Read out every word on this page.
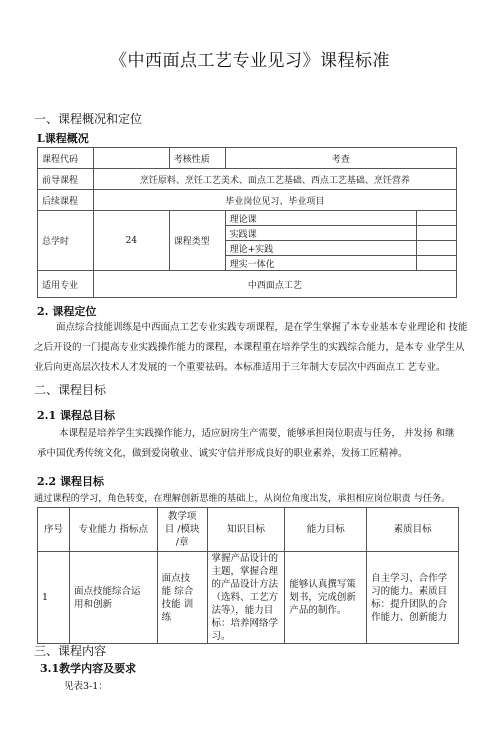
《中西面点工艺专业见习》课程标准
一、课程概况和定位
L课程概况
课程代码		考核性质	考查	
前导课程	烹饪原料、烹饪工艺美术、面点工艺基础、西点工艺基础、烹饪营养			
后续课程	毕业岗位见习、毕业项目			
总学时	24	课程类型	理论课	
			实践课	
			理论+实践	
			理实一体化	
适用专业	中西面点工艺			
2. 课程定位
面点综合技能训练是中西面点工艺专业实践专项课程，是在学生掌握了本专业基本专业理论和 技能
之后开设的一门提高专业实践操作能力的课程，本课程重在培养学生的实践综合能力，是本专 业学生从
业后向更高层次技术人才发展的一个重要祛码。本标准适用于三年制大专层次中西面点工 艺专业。
二、课程目标
2.1 课程总目标
本课程是培养学生实践操作能力，适应厨房生产需要，能够承担岗位职责与任务， 并发扬 和继
承中国优秀传统文化，做到爱岗敬业、诚实守信并形成良好的职业素养，发扬工匠精神。
2.2 课程目标
通过课程的学习，角色转变，在理解创新思维的基础上，从岗位角度出发，承担相应岗位职责 与任务。
序号	专业能力 指标点	教学项 目 /模块 /章	知识目标	能力目标	素质目标
1	面点技能综合运 用和创新	面点技 能 综合 技能 训 练	掌握产品设计的主题，掌握合理的产品设计方法（选料、工艺方法等），能力目标：培养网络学习。	能够认真撰写策划书，完成创新产品的制作。	自主学习、合作学习的能力。素质目标：提升团队的合作能力、创新能力
三、课程内容
3.1教学内容及要求
见表3-1：
